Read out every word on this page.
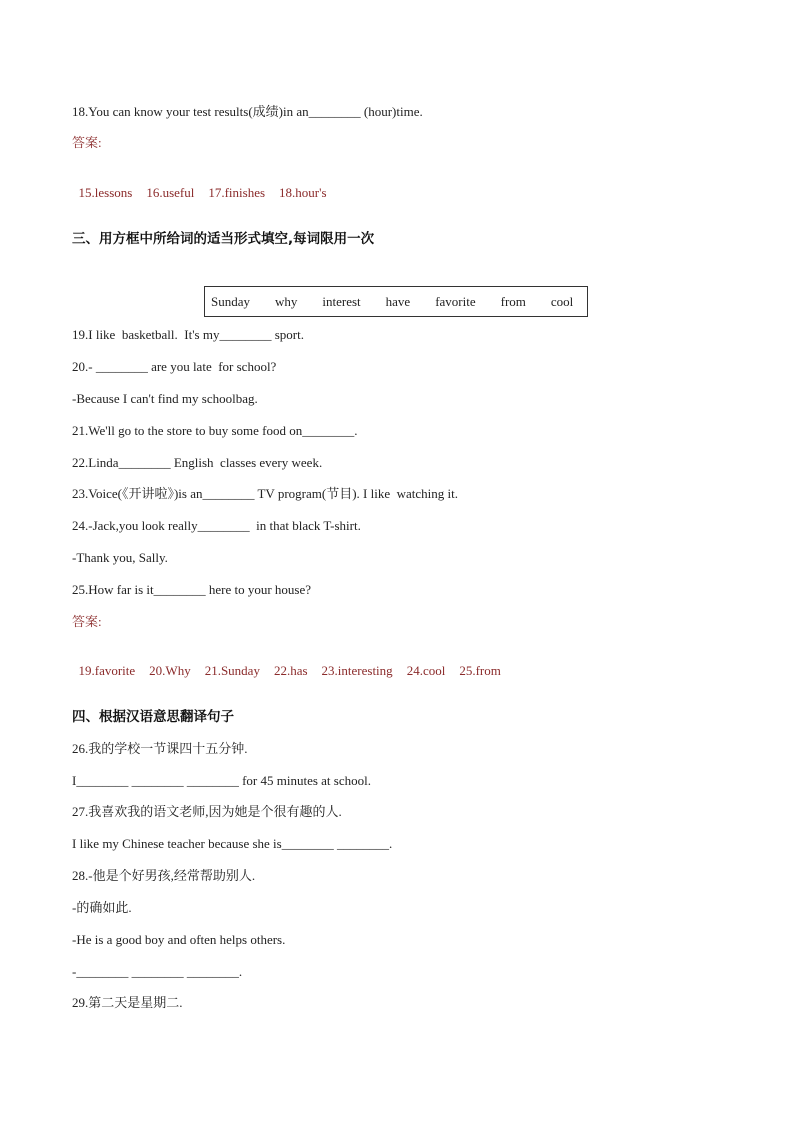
18.You can know your test results(成绩)in an________ (hour)time.
答案:

15.lessons 16.useful 17.finishes 18.hour's

三、用方框中所给词的适当形式填空,每词限用一次
Sunday why interest have favorite from cool
19.I like  basketball.  It's my________ sport.
20.- ________ are you late  for school?
-Because I can't find my schoolbag.
21.We'll go to the store to buy some food on________.
22.Linda________ English  classes every week.
23.Voice(《开讲啦》)is an________ TV program(节目). I like  watching it.
24.-Jack,you look really________  in that black T-shirt.
-Thank you, Sally.
25.How far is it________ here to your house?
答案:

19.favorite 20.Why 21.Sunday 22.has 23.interesting 24.cool 25.from

四、根据汉语意思翻译句子
26.我的学校一节课四十五分钟.
I________ ________ ________ for 45 minutes at school.
27.我喜欢我的语文老师,因为她是个很有趣的人.
I like my Chinese teacher because she is________ ________.
28.-他是个好男孩,经常帮助别人.
-的确如此.
-He is a good boy and often helps others.
-________ ________ ________.
29.第二天是星期二.
